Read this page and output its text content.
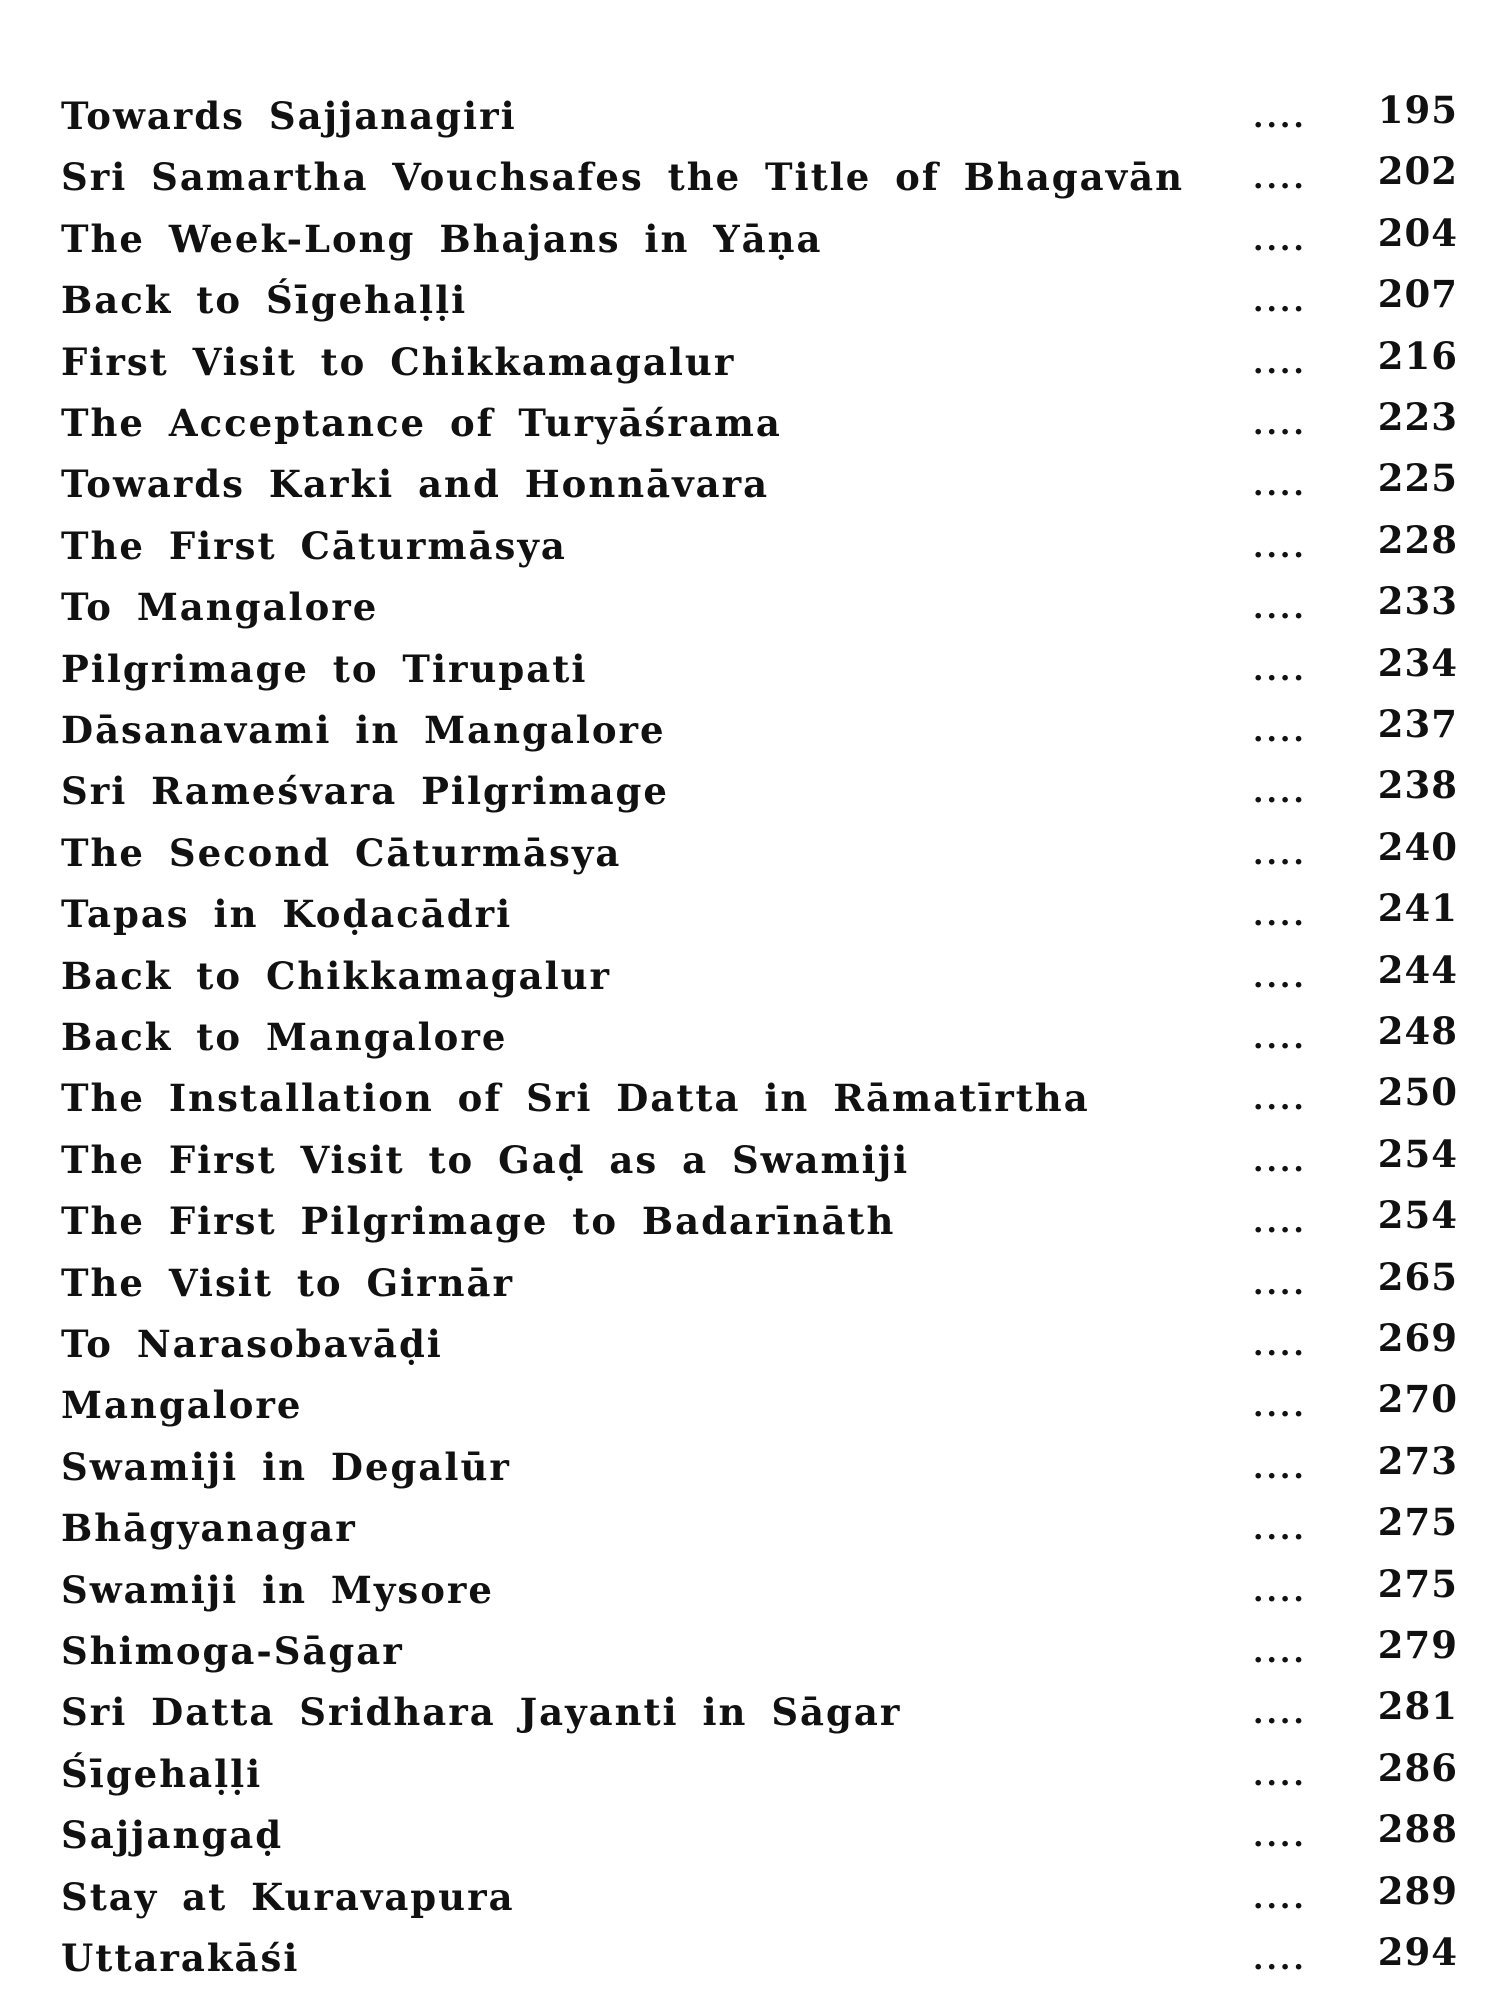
Towards Sajjanagiri	.... 195
Sri Samartha Vouchsafes the Title of Bhagavān .... 202
The Week-Long Bhajans in Yāṇa	.... 204
Back to Śīgehaḷḷi	.... 207
First Visit to Chikkamagalur	.... 216
The Acceptance of Turyāśrama	.... 223
Towards Karki and Honnāvara	.... 225
The First Cāturmāsya	.... 228
To Mangalore	.... 233
Pilgrimage to Tirupati	.... 234
Dāsanavami in Mangalore	.... 237
Sri Rameśvara Pilgrimage	.... 238
The Second Cāturmāsya	.... 240
Tapas in Koḍacādri	.... 241
Back to Chikkamagalur	.... 244
Back to Mangalore	.... 248
The Installation of Sri Datta in Rāmatīrtha	.... 250
The First Visit to Gaḍ as a Swamiji	.... 254
The First Pilgrimage to Badarīnāth	.... 254
The Visit to Girnār	.... 265
To Narasobavāḍi	.... 269
Mangalore	.... 270
Swamiji in Degalūr	.... 273
Bhāgyanagar	.... 275
Swamiji in Mysore	.... 275
Shimoga-Sāgar	.... 279
Sri Datta Sridhara Jayanti in Sāgar	.... 281
Śīgehaḷḷi	.... 286
Sajjangaḍ	.... 288
Stay at Kuravapura	.... 289
Uttarakāśi	.... 294
